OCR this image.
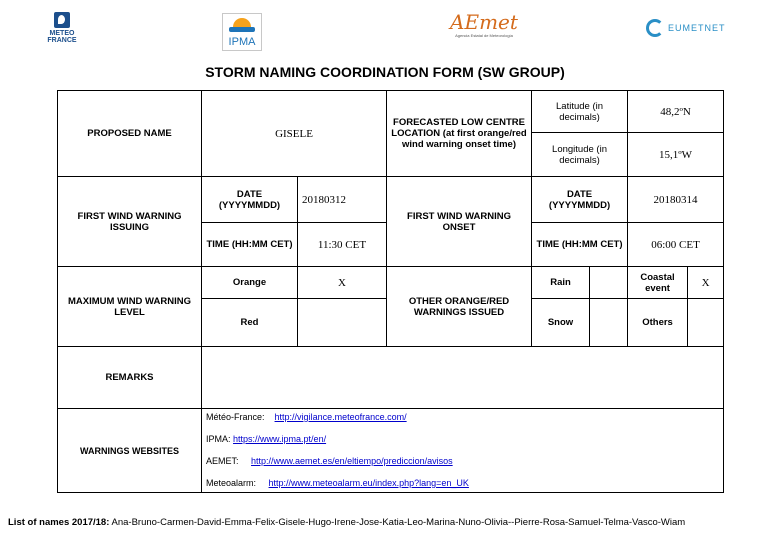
METEO FRANCE	IPMA
AEmet
Agencia Estatal de Meteorología
EUMETNET
STORM NAMING COORDINATION FORM (SW GROUP)
PROPOSED NAME	GISELE		FORECASTED LOW CENTRE LOCATION (at first orange/red wind warning onset time)	Latitude (in decimals)		48,2ºN	
				Longitude (in decimals)		15,1ºW	
FIRST WIND WARNING ISSUING	DATE (YYYYMMDD)	20180312	FIRST WIND WARNING ONSET	DATE (YYYYMMDD)		20180314	
	TIME (HH:MM CET)	11:30 CET		TIME (HH:MM CET)		06:00 CET	
MAXIMUM WIND WARNING LEVEL	Orange	X	OTHER ORANGE/RED WARNINGS ISSUED	Rain		Coastal event	X
	Red			Snow		Others	
REMARKS							
WARNINGS WEBSITES	Météo-France: http://vigilance.meteofrance.com/
IPMA: https://www.ipma.pt/en/
AEMET: http://www.aemet.es/en/eltiempo/prediccion/avisos
Meteoalarm: http://www.meteoalarm.eu/index.php?lang=en_UK						
List of names 2017/18: Ana-Bruno-Carmen-David-Emma-Felix-Gisele-Hugo-Irene-Jose-Katia-Leo-Marina-Nuno-Olivia--Pierre-Rosa-Samuel-Telma-Vasco-Wiam
